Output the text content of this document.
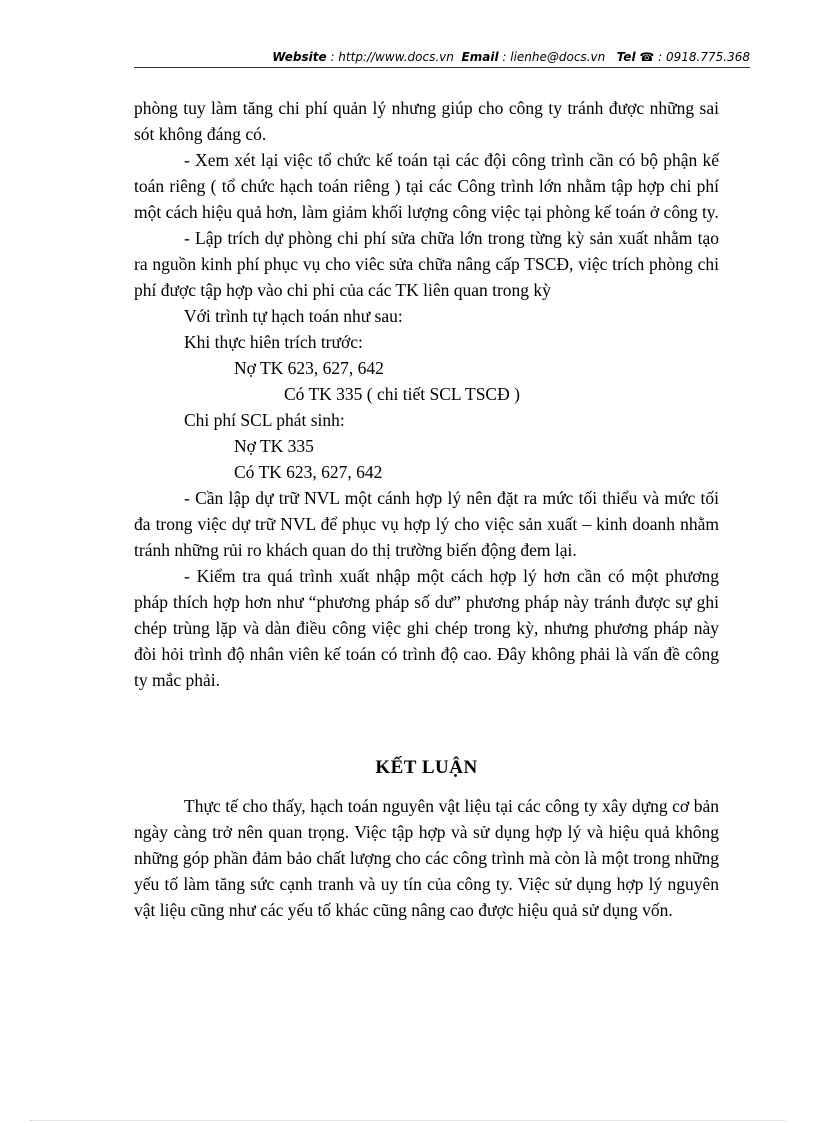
Website : http://www.docs.vn Email : lienhe@docs.vn Tel ☎ : 0918.775.368

phòng tuy làm tăng chi phí quản lý nhưng giúp cho công ty tránh được những sai sót không đáng có.

- Xem xét lại việc tổ chức kế toán tại các đội công trình cần có bộ phận kế toán riêng ( tổ chức hạch toán riêng ) tại các Công trình lớn nhằm tập hợp chi phí một cách hiệu quả hơn, làm giảm khối lượng công việc tại phòng kế toán ở công ty.

- Lập trích dự phòng chi phí sửa chữa lớn trong từng kỳ sản xuất nhằm tạo ra nguồn kinh phí phục vụ cho viêc sửa chữa nâng cấp TSCĐ, việc trích phòng chi phí được tập hợp vào chi phi của các TK liên quan trong kỳ

Với trình tự hạch toán như sau:

Khi thực hiên trích trước:

Nợ TK 623, 627, 642

Có TK 335 ( chi tiết SCL TSCĐ )

Chi phí SCL phát sinh:

Nợ TK 335

Có TK 623, 627, 642

- Cần lập dự trữ NVL một cánh hợp lý nên đặt ra mức tối thiểu và mức tối đa trong việc dự trữ NVL để phục vụ hợp lý cho việc sản xuất – kinh doanh nhằm tránh những rủi ro khách quan do thị trường biến động đem lại.

- Kiểm tra quá trình xuất nhập một cách hợp lý hơn cần có một phương pháp thích hợp hơn như “phương pháp số dư” phương pháp này tránh được sự ghi chép trùng lặp và dàn điều công việc ghi chép trong kỳ, nhưng phương pháp này đòi hỏi trình độ nhân viên kế toán có trình độ cao. Đây không phải là vấn đề công ty mắc phải.

KẾT LUẬN

Thực tế cho thấy, hạch toán nguyên vật liệu tại các công ty xây dựng cơ bản ngày càng trở nên quan trọng. Việc tập hợp và sử dụng hợp lý và hiệu quả không những góp phần đảm bảo chất lượng cho các công trình mà còn là một trong những yếu tố làm tăng sức cạnh tranh và uy tín của công ty. Việc sử dụng hợp lý nguyên vật liệu cũng như các yếu tố khác cũng nâng cao được hiệu quả sử dụng vốn.
